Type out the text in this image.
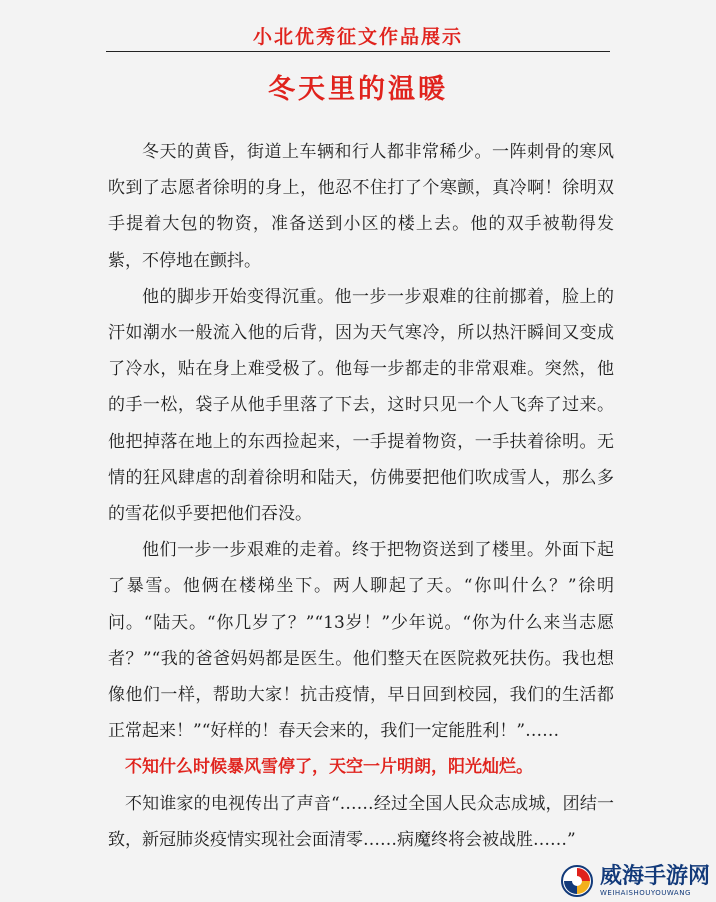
小北优秀征文作品展示
冬天里的温暖

冬天的黄昏，街道上车辆和行人都非常稀少。一阵刺骨的寒风吹到了志愿者徐明的身上，他忍不住打了个寒颤，真冷啊！徐明双手提着大包的物资，准备送到小区的楼上去。他的双手被勒得发紫，不停地在颤抖。

他的脚步开始变得沉重。他一步一步艰难的往前挪着，脸上的汗如潮水一般流入他的后背，因为天气寒冷，所以热汗瞬间又变成了冷水，贴在身上难受极了。他每一步都走的非常艰难。突然，他的手一松，袋子从他手里落了下去，这时只见一个人飞奔了过来。他把掉落在地上的东西捡起来，一手提着物资，一手扶着徐明。无情的狂风肆虐的刮着徐明和陆天，仿佛要把他们吹成雪人，那么多的雪花似乎要把他们吞没。

他们一步一步艰难的走着。终于把物资送到了楼里。外面下起了暴雪。他俩在楼梯坐下。两人聊起了天。“你叫什么？”徐明问。“陆天。“你几岁了？”“13岁！”少年说。“你为什么来当志愿者？”“我的爸爸妈妈都是医生。他们整天在医院救死扶伤。我也想像他们一样，帮助大家！抗击疫情，早日回到校园，我们的生活都正常起来！”“好样的！春天会来的，我们一定能胜利！”……

不知什么时候暴风雪停了，天空一片明朗，阳光灿烂。

不知谁家的电视传出了声音“……经过全国人民众志成城，团结一致，新冠肺炎疫情实现社会面清零……病魔终将会被战胜……”

威海手游网
WEIHAISHOUYOUWANG
